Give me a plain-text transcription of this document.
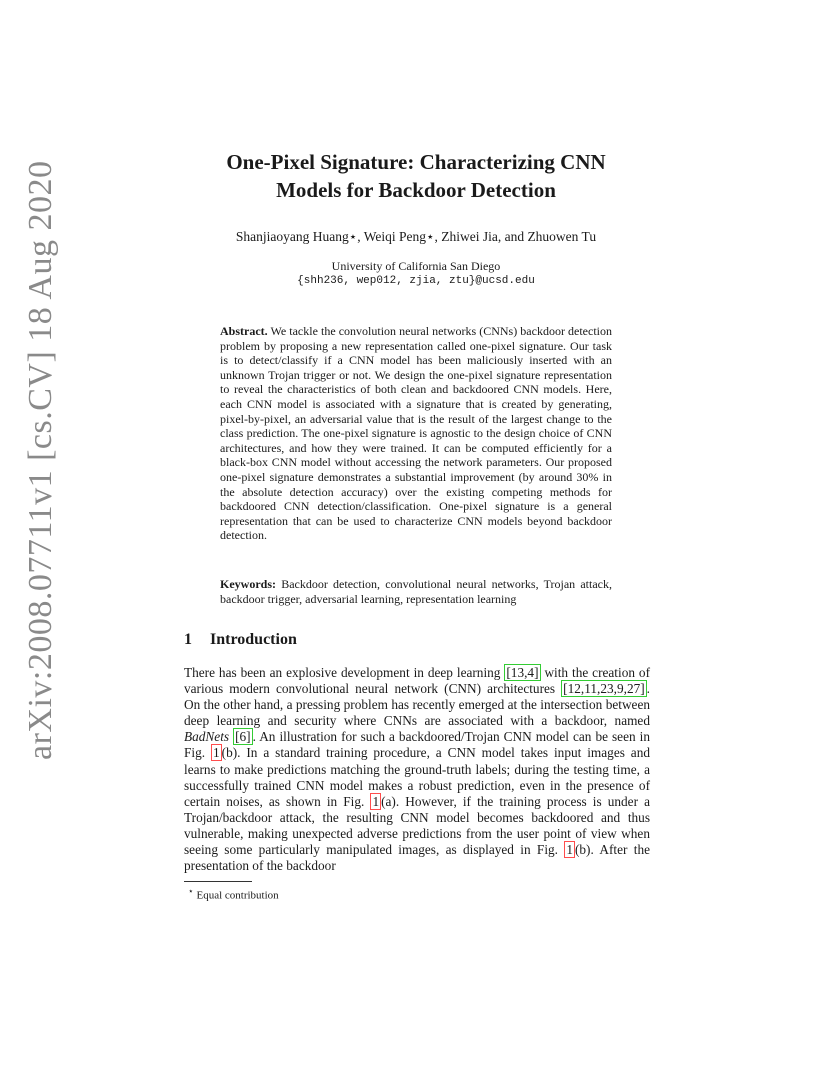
arXiv:2008.07711v1 [cs.CV] 18 Aug 2020	One-Pixel Signature: Characterizing CNN
Models for Backdoor Detection
Shanjiaoyang Huang⋆, Weiqi Peng⋆, Zhiwei Jia, and Zhuowen Tu
University of California San Diego
{shh236, wep012, zjia, ztu}@ucsd.edu

Abstract. We tackle the convolution neural networks (CNNs) backdoor detection problem by proposing a new representation called one-pixel signature. Our task is to detect/classify if a CNN model has been maliciously inserted with an unknown Trojan trigger or not. We design the one-pixel signature representation to reveal the characteristics of both clean and backdoored CNN models. Here, each CNN model is associated with a signature that is created by generating, pixel-by-pixel, an adversarial value that is the result of the largest change to the class prediction. The one-pixel signature is agnostic to the design choice of CNN architectures, and how they were trained. It can be computed efficiently for a black-box CNN model without accessing the network parameters. Our proposed one-pixel signature demonstrates a substantial improvement (by around 30% in the absolute detection accuracy) over the existing competing methods for backdoored CNN detection/classification. One-pixel signature is a general representation that can be used to characterize CNN models beyond backdoor detection.

Keywords: Backdoor detection, convolutional neural networks, Trojan attack, backdoor trigger, adversarial learning, representation learning

1 Introduction

There has been an explosive development in deep learning [13,4] with the creation of various modern convolutional neural network (CNN) architectures [12,11,23,9,27] . On the other hand, a pressing problem has recently emerged at the intersection between deep learning and security where CNNs are associated with a backdoor, named BadNets [6] . An illustration for such a backdoored/Trojan CNN model can be seen in Fig. 1 (b). In a standard training procedure, a CNN model takes input images and learns to make predictions matching the ground-truth labels; during the testing time, a successfully trained CNN model makes a robust prediction, even in the presence of certain noises, as shown in Fig. 1 (a). However, if the training process is under a Trojan/backdoor attack, the resulting CNN model becomes backdoored and thus vulnerable, making unexpected adverse predictions from the user point of view when seeing some particularly manipulated images, as displayed in Fig. 1 (b). After the presentation of the backdoor

⋆ Equal contribution
